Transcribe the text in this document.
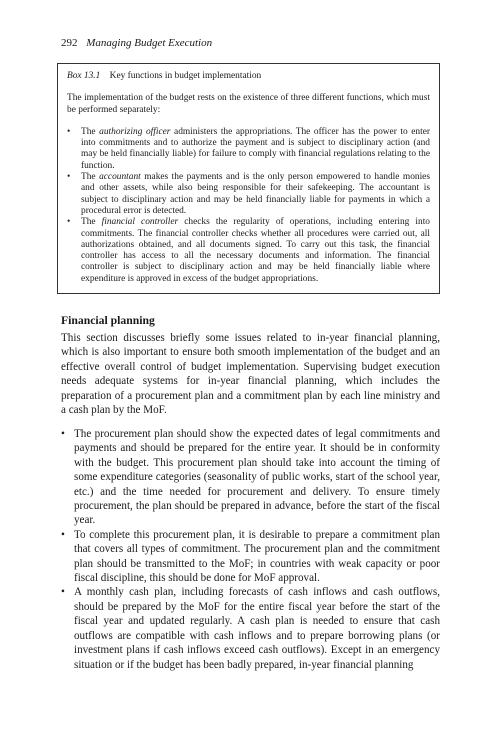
292 Managing Budget Execution

Box 13.1 Key functions in budget implementation

The implementation of the budget rests on the existence of three different functions, which must be performed separately:

• The authorizing officer administers the appropriations. The officer has the power to enter into commitments and to authorize the payment and is subject to disciplinary action (and may be held financially liable) for failure to comply with financial regulations relating to the function.
• The accountant makes the payments and is the only person empowered to handle monies and other assets, while also being responsible for their safekeeping. The accountant is subject to disciplinary action and may be held financially liable for payments in which a procedural error is detected.
• The financial controller checks the regularity of operations, including entering into commitments. The financial controller checks whether all procedures were carried out, all authorizations obtained, and all documents signed. To carry out this task, the financial controller has access to all the necessary documents and information. The financial controller is subject to disciplinary action and may be held financially liable where expenditure is approved in excess of the budget appropriations.
Financial planning

This section discusses briefly some issues related to in-year financial planning, which is also important to ensure both smooth implementation of the budget and an effective overall control of budget implementation. Supervising budget execution needs adequate systems for in-year financial planning, which includes the preparation of a procurement plan and a commitment plan by each line ministry and a cash plan by the MoF.

• The procurement plan should show the expected dates of legal commitments and payments and should be prepared for the entire year. It should be in conformity with the budget. This procurement plan should take into account the timing of some expenditure categories (seasonality of public works, start of the school year, etc.) and the time needed for procurement and delivery. To ensure timely procurement, the plan should be prepared in advance, before the start of the fiscal year.
• To complete this procurement plan, it is desirable to prepare a commitment plan that covers all types of commitment. The procurement plan and the commitment plan should be transmitted to the MoF; in countries with weak capacity or poor fiscal discipline, this should be done for MoF approval.
• A monthly cash plan, including forecasts of cash inflows and cash outflows, should be prepared by the MoF for the entire fiscal year before the start of the fiscal year and updated regularly. A cash plan is needed to ensure that cash outflows are compatible with cash inflows and to prepare borrowing plans (or investment plans if cash inflows exceed cash outflows). Except in an emergency situation or if the budget has been badly prepared, in-year financial planning
